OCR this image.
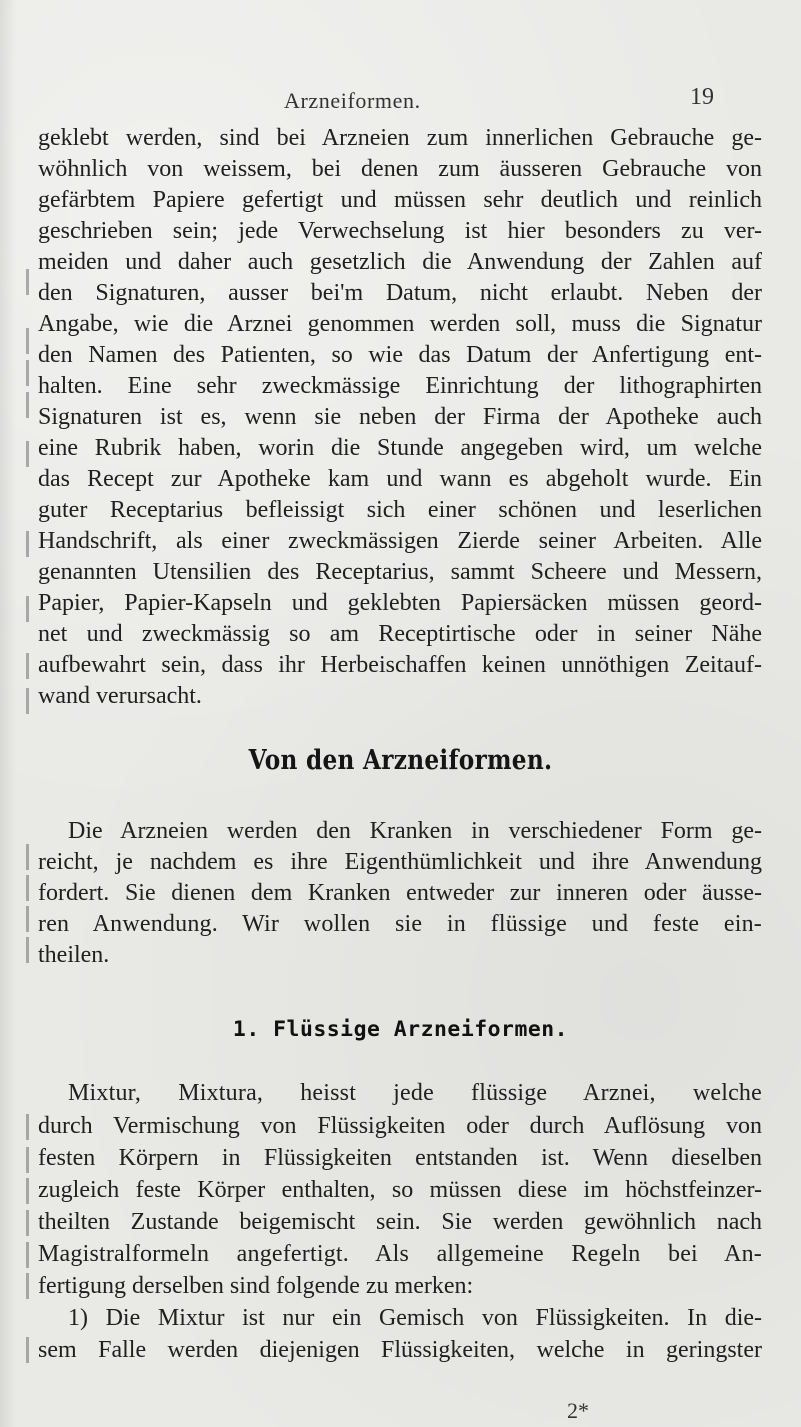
Arzneiformen.	19
geklebt werden, sind bei Arzneien zum innerlichen Gebrauche ge-
wöhnlich von weissem, bei denen zum äusseren Gebrauche von
gefärbtem Papiere gefertigt und müssen sehr deutlich und reinlich
geschrieben sein; jede Verwechselung ist hier besonders zu ver-
meiden und daher auch gesetzlich die Anwendung der Zahlen auf
den Signaturen, ausser bei'm Datum, nicht erlaubt. Neben der
Angabe, wie die Arznei genommen werden soll, muss die Signatur
den Namen des Patienten, so wie das Datum der Anfertigung ent-
halten. Eine sehr zweckmässige Einrichtung der lithographirten
Signaturen ist es, wenn sie neben der Firma der Apotheke auch
eine Rubrik haben, worin die Stunde angegeben wird, um welche
das Recept zur Apotheke kam und wann es abgeholt wurde. Ein
guter Receptarius befleissigt sich einer schönen und leserlichen
Handschrift, als einer zweckmässigen Zierde seiner Arbeiten. Alle
genannten Utensilien des Receptarius, sammt Scheere und Messern,
Papier, Papier-Kapseln und geklebten Papiersäcken müssen geord-
net und zweckmässig so am Receptirtische oder in seiner Nähe
aufbewahrt sein, dass ihr Herbeischaffen keinen unnöthigen Zeitauf-
wand verursacht.
Von den Arzneiformen.
Die Arzneien werden den Kranken in verschiedener Form ge-
reicht, je nachdem es ihre Eigenthümlichkeit und ihre Anwendung
fordert. Sie dienen dem Kranken entweder zur inneren oder äusse-
ren Anwendung. Wir wollen sie in flüssige und feste ein-
theilen.
1. Flüssige Arzneiformen.
Mixtur, Mixtura, heisst jede flüssige Arznei, welche
durch Vermischung von Flüssigkeiten oder durch Auflösung von
festen Körpern in Flüssigkeiten entstanden ist. Wenn dieselben
zugleich feste Körper enthalten, so müssen diese im höchstfeinzer-
theilten Zustande beigemischt sein. Sie werden gewöhnlich nach
Magistralformeln angefertigt. Als allgemeine Regeln bei An-
fertigung derselben sind folgende zu merken:
1) Die Mixtur ist nur ein Gemisch von Flüssigkeiten. In die-
sem Falle werden diejenigen Flüssigkeiten, welche in geringster
2*
